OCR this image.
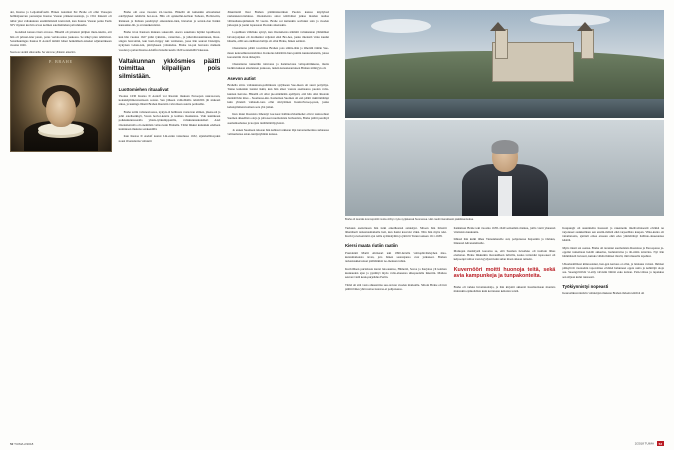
det, Kustaa ja Leijonhufvudit. Hänen isoisänsä Per Brahe oli ollut Vaasojen hallitsijasuvun perustajan Kustaa Vaasan pääneuvonantaja, ja 1561 hänestä oli tullut yksi valtakunnan ensimmäisistä kreiveistä, kun Kustaa Vaasan poika Eerik XIV myönsi kreivin arvon kolmen aatelismiehen palvelukselle.

Isoisänsä kanssa tässä arvossa. Hänellä oli piireissä pitäjien muis-tutettu, etti hän oli prinssi-isier paren, paras vertais-tensa joukossa. Se näkyi pian tehtävissä. Soturikuningas Kustaa II Aadolf nimitti hänet henkilökoh-taiseksi adjutantikseen vuonna 1626.

Nuoruus vierätti ulkomailla. Se väimme ylhäisön aikerikin.
P. BRAHE

Brahe otti osaa vuosien 24–vuotias. Hänellä oli kuitenkin erinomaiset edellytykset tehtävän hoi-toon. Hän oli opiskellut-kollaan Suhoan, Hollan-tiin, Rankaan ja Italiaan perehtynyt oikeustiete-iden, historian ja sotatai-don lisäksi kansankie-liä- ja avaruutketalatiot.

Brahe tavoi Kustaan mukana sokeroitti. Aseva sokettuna lujittui lopullisesti, kun hän vuonna 1627 pääsi tykistön-, ratsuväen-, ja jalkaväki-kuninkaan, Ruot-singan haavoittui, kun lueti-nvippy iski vermenen, jossa hän seurasi Danzigin, nykyisen Gdans-kin, piiritykseen yritantelua. Brahe toi-pui haavasta melkein vuoden ja palasi Kustaa Adolfin rinnalle kesän 1629 sotaretkillä Saksassa.

Valtakunnan ykkösmies päätti toimittaa kilpailijan pois silmistään.
Luottomiehen rituaalivat

Vuonna 1630 Kustaa II Aadolf voi Ruotsin mukaan Euroopan uusrau-taan, koleskäymmesvuotiseen sotaan. Sen jälkeen valtiollisilla tehtävillä jäi niukasti aikaa, ja kuninga lähetti Brahen Ruotsiin valvomaan asioita perässään.

Brahe toimi valtaneuvostos, nykyis-tä hallitusta vastaavan elimen, jäsene-nä ja johti aateliseikkyä, Svean hovioi-keutta ja kolmea maakuntaa. Vain kuninkaan poikkakunnassaalla yhteis-työkumppanilla, valtakunnankanslieri Axel Oxenstiernalla oli enemmän valtaa kuin Brahella. Tämä liikkui kuitenkin edelleen kuninkaan mukana sotakentillä.

Kun Kustaa II Aadolf kaatui Lüt-zenin taistelussa 1632, sijaishallitsi-jaksi nousi Oxenstierna valtuutti

Jänsnitteitä lässi Brahen pääministeriinen Puolan kanssa käydyissä rauhanneuvotteluissa. Oxenstierna antoi tehtäväksi jatkaa maiden rauhaa välirauhansopimuksin 50 vuotta. Brahe sai kuitenkin sovitukst sain ja vuoden jatkosjan ja joutui lopuasaan Puolaks aluetaskin.

Lopullinen välirikko syntyi, kun Oxenstierna näimitti valtakunnan ylimmäksi laivoisyoijaksi eli drotiksiksi veljensä eikä Bra-hea, jonka mielestä virka kuului hänelle, eillä sen edellinen haltija oli ollut Brahe, hänen setänsä.

Oxenstierna päätti toi-mittaa Brahen pois silmis-tään ja lähettää tämän Suo-meen kenraalikuvernööriksi. Karkotus käärittiin hurs-janiiin kunnurahaisiin, joissa korostettiin viran tärkeyttä.

Oxenstierna tunnettiin taitavana ja harkitsevana valtapolitiikkona, mutta hadkin kukaan aikalaisten joukossa, tuskin kanaakaantoisen Brahen nimityyn oli.

Asevon autiot

Brahella siirto valtakunnan-politiikasta syrjäiseen Suo-meen oli suuri pettymys. Tunne kuitenkin laantui ikkiä, kun hän alkoi vastata asemaansa puolen valta-kunnan herrana. Hänellä oli ollut pie-nintäkään epäilystä, että hän olisi Ruotsin merkittävän mies – Suomessa-kin. Komeinan Suomen oli esti päätti riskittömämpi kuin yhteistä vaihtoeh-tona ollut siirtyminen Keski-Euroop-paan, jonka kehokymmenvuotinen sota ylsi jatkui.

Kun muut Ruotsista lähetetyt kor-keat hallintovirkamiehet olivat taski-telleet Suomen alkeellisia oloja ja pitä-neet nuomalaisia barbaarista, Brahe päätti perehtyä asemamaahansa ja korjata tietämättömyytensä.

Jo ennen Suomeen tuloaan hän kahlasi tarkkaan läpi kuvernemerinsa suhteessa valitsemansa asian-tuntijaryhmän kanssa.

52 TUIMA 2/2018
Brahe oli äveriäs kosmopoliitti mutta viihtyi myös syrjäisessä Suomessa. Hän rauitti itsenäisesti päätöksentekoa.

Turkuun asetuttuaan hän tutki oikeilleensä asiakirjat. Siltoen hän ilmoitti lähettäneli tarkastusmatkalle heti, kun hanki kasvaisi väksi. Niin hän myös teki. Kreivi ja kuvernööri ajoi reilla sydänalyihin ja jättivät Turun taaksen 10.1.1638.

Kiersi maata riutiin raatiin

Presidentti Martti Ahtisaari teki 1990-luvulla valtiopäiväisleyhen maa-kuntamatkoista tavan, jota hänen seuraajansa ovat jatkaneet. Brahen tarkastuskierrokset pääliöitkisit no-mennen tullen.

Kreivillisen puristiasta kiersi luta-kuntaa, Hämettä, Savoa ja Karjalaa yli kolmen kuukauden ajan ja pysähtyi myös valta-alueensa ulkopuolelle Inkeriin. Matkaa seurasi vielä kesk-purjehdus Pertin.

Tämä oli sitä vasta alkuastrina seu-raavan vuoden matkoille. Siltoin Brahe oli itsä pääliti lähes yhtä nottaa tuusvaa-si pohjoisessa.

Kaikkiaan Brahe teki vuosina 1638–1640 seitsemän matkaa, joilla vietti yhteensä viisitoista kuukautta.

lähissä hän kulki lähes Vienanmerelle asti, pohjoisessa Kajaaniin ja Ouluun, lännessä Ahvenanmaalle.

Matkojen merkitystä korostaa se, että Suomen tieverkko oli tuolloin lähes olematon. Brahe liikkuikin mat-kuilleen tuhvilla, koska tarttoidut tapaa-keet oli kelpoonpi taittaa vaan kyydyssä kuin sulan maan aikaan reitsein.

Kuvernööri moitti huonoja teitä, sekä avia kampunkeja ja tunpakonteita.

Brahe oli tarkka havainnoitsija, ja hän kirjoitti akkersti huomioitsaan monista muistakin epäkohdista kuin kerranaan kehoista toistä.

Kaupungit oli suunniteltu huonosti ja rakennettu mielivoltaisestii eivätkä ne tarjonneet asukkailleen sen ensim-mäistä eikä tarpeellista kaupan. Vilka-kunta oli taitamatonta, sjattteli omaa etasaan eikä edes ymmärtänyt hallinto-alueestensa käsittä.

Myös tiiesti sai osansa. Brahe oli tarannut suomalaisia Ruotsissa ja Euroopassa ja-oppitut tuntemaan heidät akkerina, laulututsvina ja täi-säiän taitavina. Nyt hän hämmästeli lasvauri, kuinka vähän ihmiset tänvät, mitä muualla tapahtui.

Ulkomaalilmasi kiinnostanut, hen-gen kertoua oi ollut, ja laiskuus vairasi. Ihmiset pitikyttvät vuoloehin tapoi-hinsa eivätkä halunneet oppia uutta ja kehittäjä oloja saa. Saaengvättivät vi-sitty talvisiin lähtöä esko kalaan. Pain-viitssa ja tupakkaa sen siljaan kului runsaasti.

Työkiynnistyi nopeasti

Keuraalikuvernöörin valtakirjan mukaan Brahen tärkein tehtävä oli

2/2018 TUIMA 53
